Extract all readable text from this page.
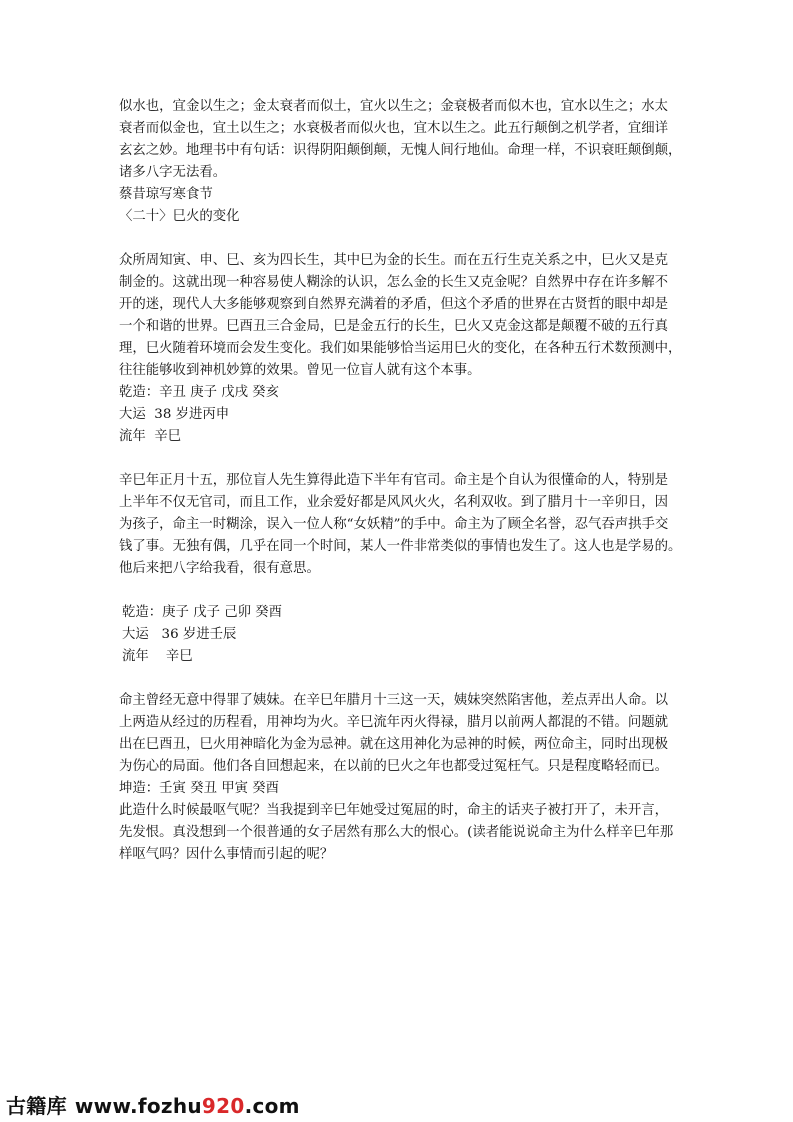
似水也，宜金以生之；金太衰者而似土，宜火以生之；金衰极者而似木也，宜水以生之；水太
衰者而似金也，宜土以生之；水衰极者而似火也，宜木以生之。此五行颠倒之机学者，宜细详
玄玄之妙。地理书中有句话：识得阴阳颠倒颠，无愧人间行地仙。命理一样，不识衰旺颠倒颠，
诸多八字无法看。

蔡昔琼写寒食节
〈二十〉巳火的变化

众所周知寅、申、巳、亥为四长生，其中巳为金的长生。而在五行生克关系之中，巳火又是克
制金的。这就出现一种容易使人糊涂的认识，怎么金的长生又克金呢？自然界中存在许多解不
开的迷，现代人大多能够观察到自然界充满着的矛盾，但这个矛盾的世界在古贤哲的眼中却是
一个和谐的世界。巳酉丑三合金局，巳是金五行的长生，巳火又克金这都是颠覆不破的五行真
理，巳火随着环境而会发生变化。我们如果能够恰当运用巳火的变化，在各种五行术数预测中，
往往能够收到神机妙算的效果。曾见一位盲人就有这个本事。

乾造：辛丑 庚子 戊戌 癸亥
大运  38 岁进丙申
流年  辛巳

辛巳年正月十五，那位盲人先生算得此造下半年有官司。命主是个自认为很懂命的人，特别是
上半年不仅无官司，而且工作，业余爱好都是风风火火，名利双收。到了腊月十一辛卯日，因
为孩子，命主一时糊涂，误入一位人称“女妖精”的手中。命主为了顾全名誉，忍气吞声拱手交
钱了事。无独有偶，几乎在同一个时间，某人一件非常类似的事情也发生了。这人也是学易的。
他后来把八字给我看，很有意思。

乾造：庚子 戊子 己卯 癸酉
大运   36 岁进壬辰
流年    辛巳

命主曾经无意中得罪了姨妹。在辛巳年腊月十三这一天，姨妹突然陷害他，差点弄出人命。以
上两造从经过的历程看，用神均为火。辛巳流年丙火得禄，腊月以前两人都混的不错。问题就
出在巳酉丑，巳火用神暗化为金为忌神。就在这用神化为忌神的时候，两位命主，同时出现极
为伤心的局面。他们各自回想起来，在以前的巳火之年也都受过冤枉气。只是程度略轻而已。

坤造：壬寅 癸丑 甲寅 癸酉

此造什么时候最呕气呢？当我提到辛巳年她受过冤屈的时，命主的话夹子被打开了，未开言，
先发恨。真没想到一个很普通的女子居然有那么大的恨心。(读者能说说命主为什么样辛巳年那
样呕气吗？因什么事情而引起的呢？

古籍库 www.fozhu920.com
